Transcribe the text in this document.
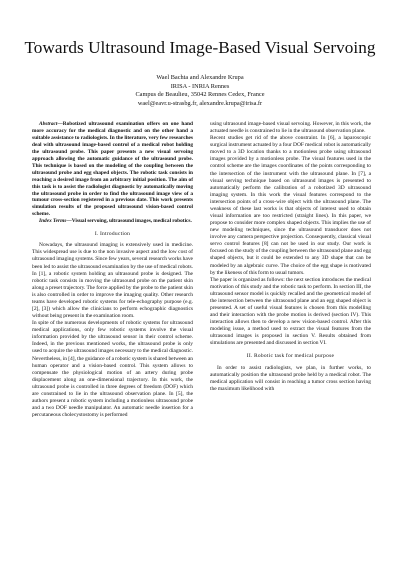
Towards Ultrasound Image-Based Visual Servoing
Wael Bachta and Alexandre Krupa
IRISA - INRIA Rennes
Campus de Beaulieu, 35042 Rennes Cedex, France
wael@eavr.u-strasbg.fr, alexandre.krupa@irisa.fr

Abstract—Robotized ultrasound examination offers on one hand more accuracy for the medical diagnostic and on the other hand a suitable assistance to radiologists. In the literature, very few researches deal with ultrasound image-based control of a medical robot holding the ultrasound probe. This paper presents a new visual servoing approach allowing the automatic guidance of the ultrasound probe. This technique is based on the modeling of the coupling between the ultrasound probe and egg shaped objects. The robotic task consists in reaching a desired image from an arbitrary initial position. The aim of this task is to assist the radiologist diagnostic by automatically moving the ultrasound probe in order to find the ultrasound image view of a tumour cross-section registered in a previous date. This work presents simulation results of the proposed ultrasound vision-based control scheme.

Index Terms—Visual servoing, ultrasound images, medical robotics.

I. Introduction

Nowadays, the ultrasound imaging is extensively used in medicine. This widespread use is due to the non invasive aspect and the low cost of ultrasound imaging systems. Since few years, several research works have been led to assist the ultrasound examination by the use of medical robots. In [1], a robotic system holding an ultrasound probe is designed. The robotic task consists in moving the ultrasound probe on the patient skin along a preset trajectory. The force applied by the probe to the patient skin is also controlled in order to improve the imaging quality. Other research teams have developed robotic systems for tele-echography purpose (e.g. [2], [3]) which allow the clinicians to perform echographic diagnostics without being present in the examination room.

In spite of the numerous developments of robotic systems for ultrasound medical applications, only few robotic systems involve the visual information provided by the ultrasound sensor in their control scheme. Indeed, in the previous mentioned works, the ultrasound probe is only used to acquire the ultrasound images necessary to the medical diagnostic. Nevertheless, in [4], the guidance of a robotic system is shared between an human operator and a vision-based control. This system allows to compensate the physiological motion of an artery during probe displacement along an one-dimensional trajectory. In this work, the ultrasound probe is controlled in three degrees of freedom (DOF) which are constrained to lie in the ultrasound observation plane. In [5], the authors present a robotic system including a motionless ultrasound probe and a two DOF needle manipulator. An automatic needle insertion for a percutaneous cholecystostomy is performed

using ultrasound image-based visual servoing. However, in this work, the actuated needle is constrained to lie in the ultrasound observation plane.

Recent studies get rid of the above constraint. In [6], a laparoscopic surgical instrument actuated by a four DOF medical robot is automatically moved to a 3D location thanks to a motionless probe using ultrasound images provided by a motionless probe. The visual features used in the control scheme are the images coordinates of the points corresponding to the intersection of the instrument with the ultrasound plane. In [7], a visual serving technique based on ultrasound images is presented to automatically perform the calibration of a robotized 3D ultrasound imaging system. In this work the visual features correspond to the intersection points of a cross-wire object with the ultrasound plane. The weakness of these last works is that objects of interest used to obtain visual information are too restricted (straight lines). In this paper, we propose to consider more complex shaped objects. This implies the use of new modeling techniques, since the ultrasound transducer does not involve any camera perspective projection. Consequently, classical visual servo control features [8] can not be used in our study. Our work is focused on the study of the coupling between the ultrasound plane and egg shaped objects, but it could be extended to any 3D shape that can be modeled by an algebraic curve. The choice of the egg shape is motivated by the likeness of this form to usual tumors.

The paper is organized as follows: the next section introduces the medical motivation of this study and the robotic task to perform. In section III, the ultrasound sensor model is quickly recalled and the geometrical model of the intersection between the ultrasound plane and an egg shaped object is presented. A set of useful visual features is chosen from this modelling and their interaction with the probe motion is derived (section IV). This interaction allows then to develop a new vision-based control. After this modeling issue, a method used to extract the visual features from the ultrasound images is proposed in section V. Results obtained from simulations are presented and discussed in section VI.

II. Robotic task for medical purpose

In order to assist radiologists, we plan, in further works, to automatically position the ultrasound probe held by a medical robot. The medical application will consist in reaching a tumor cross section having the maximum likelihood with
